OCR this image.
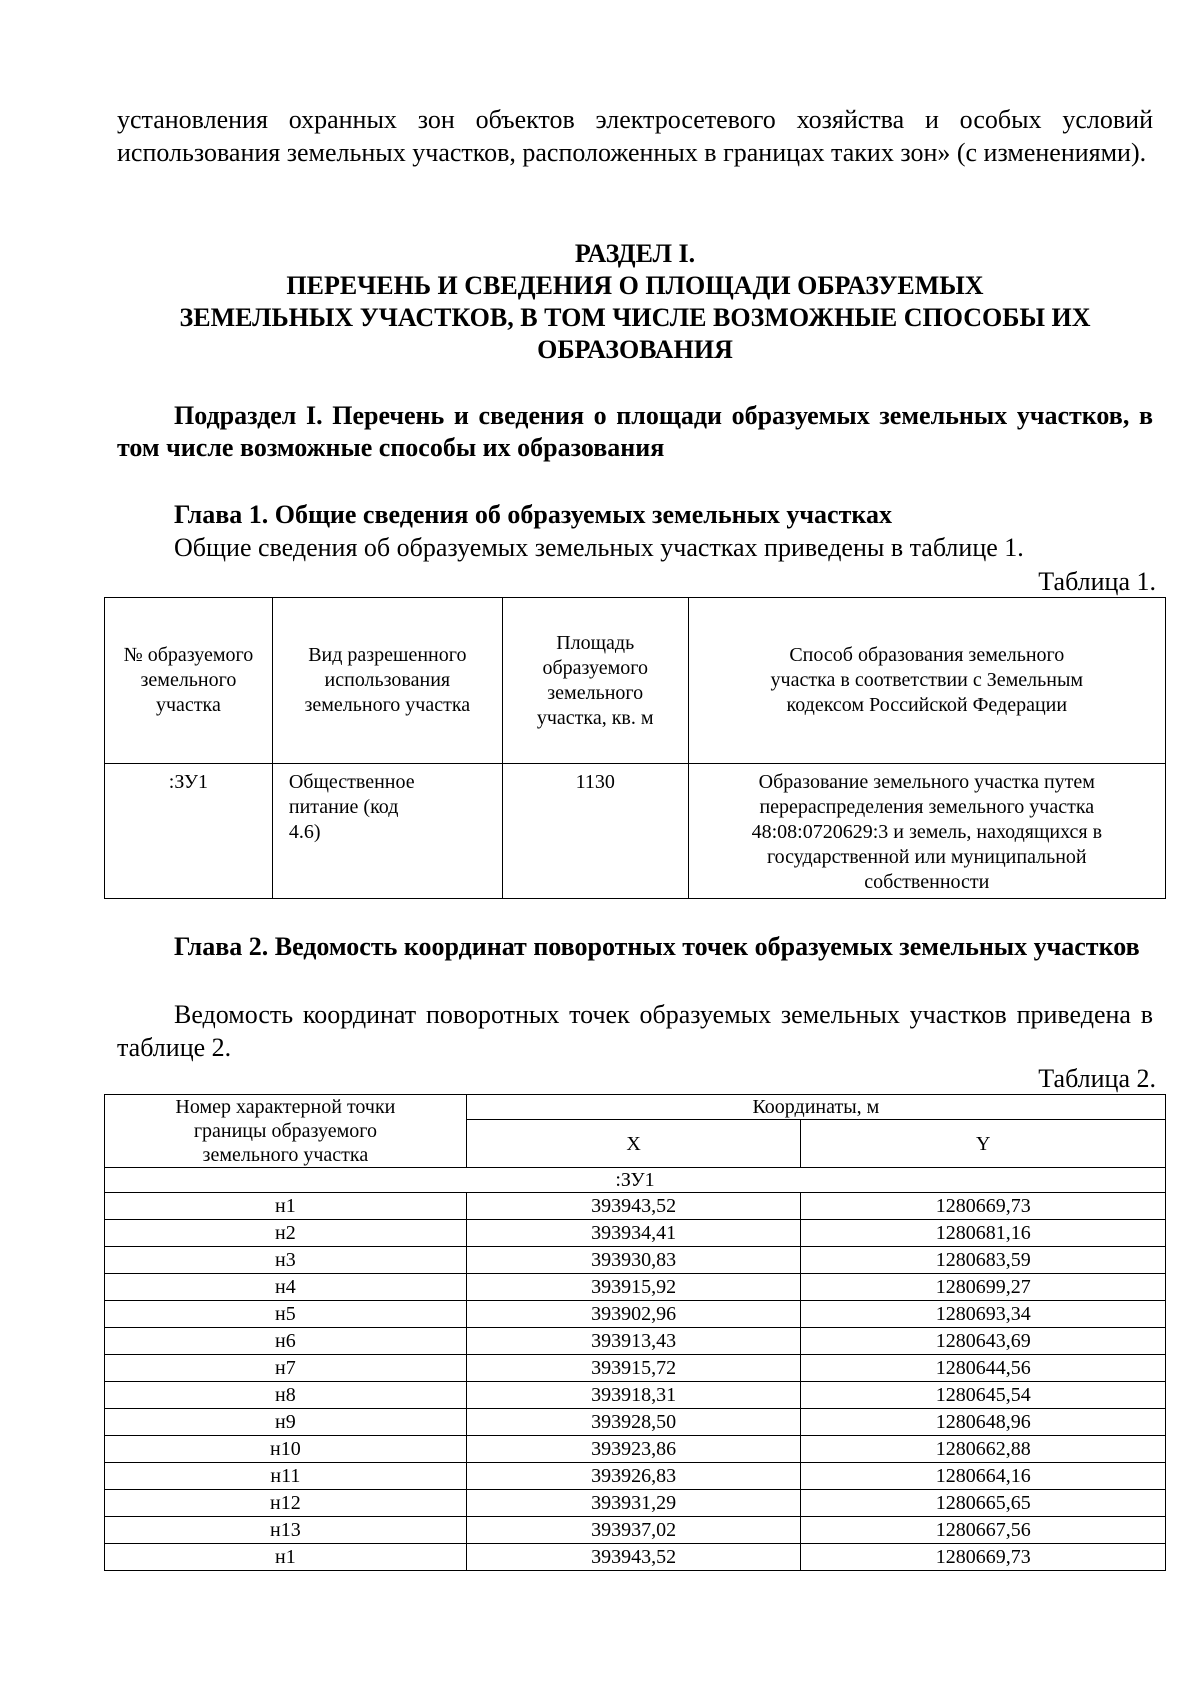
установления охранных зон объектов электросетевого хозяйства и особых условий использования земельных участков, расположенных в границах таких зон» (с изменениями).

РАЗДЕЛ I.
ПЕРЕЧЕНЬ И СВЕДЕНИЯ О ПЛОЩАДИ ОБРАЗУЕМЫХ
ЗЕМЕЛЬНЫХ УЧАСТКОВ, В ТОМ ЧИСЛЕ ВОЗМОЖНЫЕ СПОСОБЫ ИХ
ОБРАЗОВАНИЯ

Подраздел I. Перечень и сведения о площади образуемых земельных участков, в том числе возможные способы их образования

Глава 1. Общие сведения об образуемых земельных участках

Общие сведения об образуемых земельных участках приведены в таблице 1.

Таблица 1.

№ образуемого земельного участка	Вид разрешенного использования земельного участка	Площадь образуемого земельного участка, кв. м	Способ образования земельного участка в соответствии с Земельным кодексом Российской Федерации
:ЗУ1	Общественное питание (код 4.6)	1130	Образование земельного участка путем перераспределения земельного участка 48:08:0720629:3 и земель, находящихся в государственной или муниципальной собственности

Глава 2. Ведомость координат поворотных точек образуемых земельных участков

Ведомость координат поворотных точек образуемых земельных участков приведена в таблице 2.

Таблица 2.

Номер характерной точки границы образуемого земельного участка	Координаты, м	
	X	Y
:ЗУ1		
н1	393943,52	1280669,73
н2	393934,41	1280681,16
н3	393930,83	1280683,59
н4	393915,92	1280699,27
н5	393902,96	1280693,34
н6	393913,43	1280643,69
н7	393915,72	1280644,56
н8	393918,31	1280645,54
н9	393928,50	1280648,96
н10	393923,86	1280662,88
н11	393926,83	1280664,16
н12	393931,29	1280665,65
н13	393937,02	1280667,56
н1	393943,52	1280669,73
